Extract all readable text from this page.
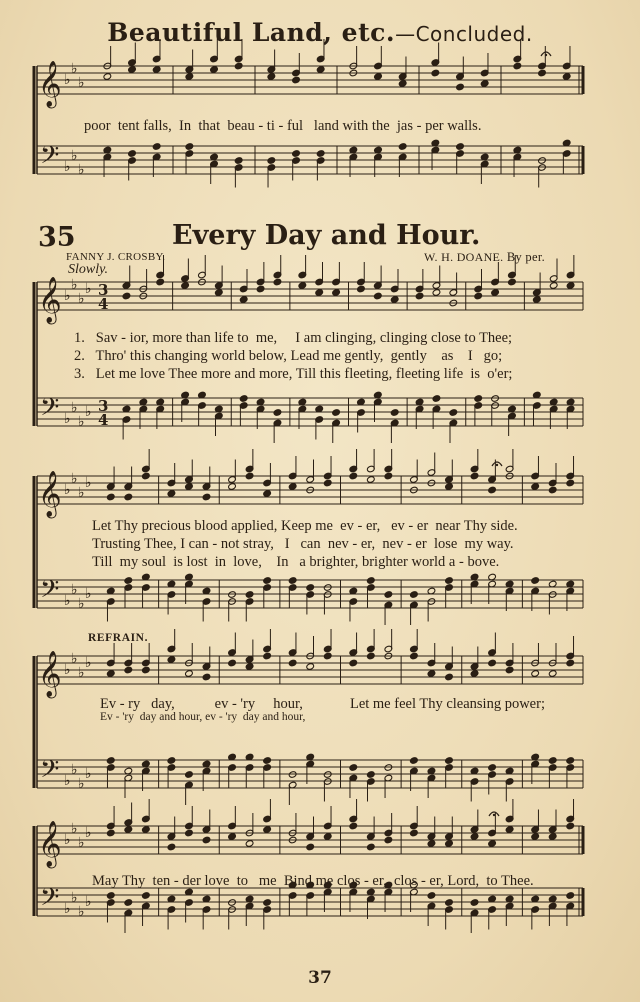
Beautiful Land, etc.—Concluded.
𝄞
𝄢
♭
♭
♭
♭
♭
♭
poor  tent falls,  In  that  beau - ti - ful   land with the  jas - per walls.
35	Every Day and Hour.
FANNY J. CROSBY.	W. H. DOANE. By per.
Slowly.
𝄞
𝄢
♭
♭
♭
♭
♭
♭
♭
♭
3
4
3
4
1.   Sav - ior, more than life to  me,     I am clinging, clinging close to Thee;
2.   Thro' this changing world below, Lead me gently,  gently    as    I   go;
3.   Let me love Thee more and more, Till this fleeting, fleeting life  is  o'er;
𝄞
𝄢
♭
♭
♭
♭
♭
♭
♭
♭
Let Thy precious blood applied, Keep me  ev - er,   ev - er  near Thy side.
Trusting Thee, I can - not stray,   I   can  nev - er,  nev - er  lose  my way.
Till  my soul  is lost  in  love,    In   a brighter, brighter world a - bove.
REFRAIN.
𝄞
𝄢
♭
♭
♭
♭
♭
♭
♭
♭
Ev - ry   day,           ev - 'ry     hour,             Let me feel Thy cleansing power;
Ev - 'ry  day and hour, ev - 'ry  day and hour,
𝄞
𝄢
♭
♭
♭
♭
♭
♭
♭
♭
May Thy  ten - der love  to   me  Bind me clos - er,  clos - er, Lord,  to Thee.
37
